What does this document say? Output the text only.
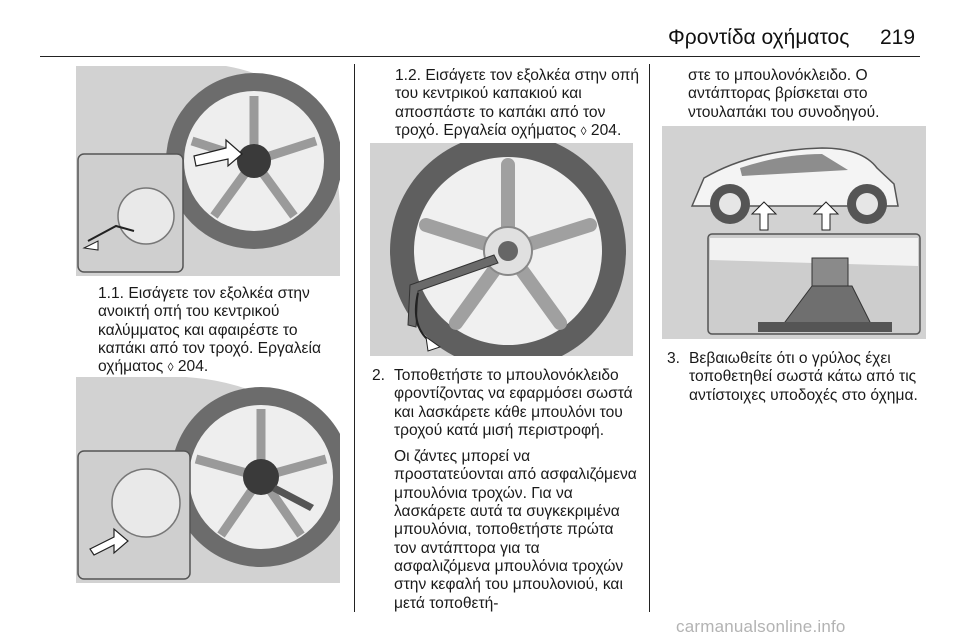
Φροντίδα οχήματος 219

1.1. Εισάγετε τον εξολκέα στην ανοικτή οπή του κεντρικού καλύμματος και αφαιρέστε το καπάκι από τον τροχό. Εργαλεία οχήματος ◊ 204.

1.2. Εισάγετε τον εξολκέα στην οπή του κεντρικού καπακιού και αποσπάστε το καπάκι από τον τροχό. Εργαλεία οχήματος ◊ 204.

2. Τοποθετήστε το μπουλονόκλειδο φροντίζοντας να εφαρμόσει σωστά και λασκάρετε κάθε μπουλόνι του τροχού κατά μισή περιστροφή.

Οι ζάντες μπορεί να προστατεύονται από ασφαλιζόμενα μπουλόνια τροχών. Για να λασκάρετε αυτά τα συγκεκριμένα μπουλόνια, τοποθετήστε πρώτα τον αντάπτορα για τα ασφαλιζόμενα μπουλόνια τροχών στην κεφαλή του μπουλονιού, και μετά τοποθετή-

στε το μπουλονόκλειδο. Ο αντάπτορας βρίσκεται στο ντουλαπάκι του συνοδηγού.

3. Βεβαιωθείτε ότι ο γρύλος έχει τοποθετηθεί σωστά κάτω από τις αντίστοιχες υποδοχές στο όχημα.

carmanualsonline.info
